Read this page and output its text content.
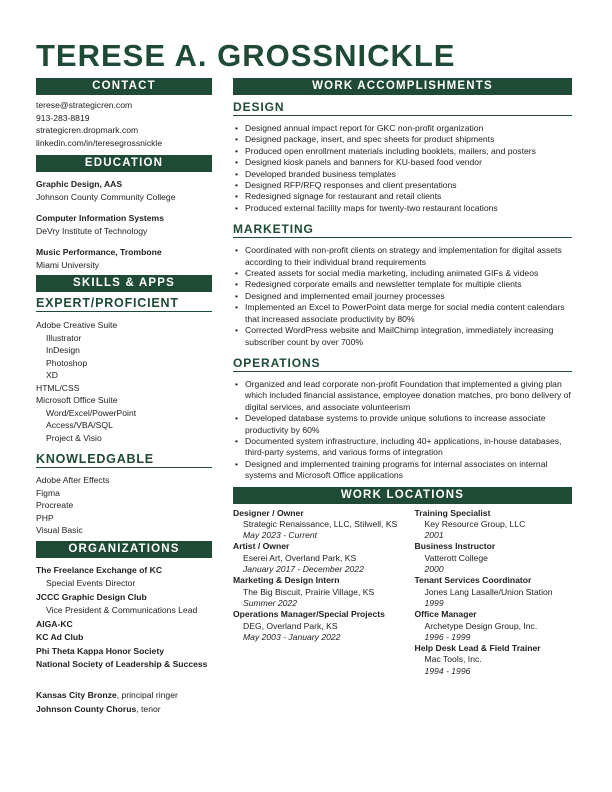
TERESE A. GROSSNICKLE
CONTACT
terese@strategicren.com
913-283-8819
strategicren.dropmark.com
linkedin.com/in/teresegrossnickle
EDUCATION
Graphic Design, AAS
Johnson County Community College
Computer Information Systems
DeVry Institute of Technology
Music Performance, Trombone
Miami University
SKILLS & APPS
EXPERT/PROFICIENT
Adobe Creative Suite
Illustrator
InDesign
Photoshop
XD
HTML/CSS
Microsoft Office Suite
Word/Excel/PowerPoint
Access/VBA/SQL
Project & Visio
KNOWLEDGABLE
Adobe After Effects
Figma
Procreate
PHP
Visual Basic
ORGANIZATIONS
The Freelance Exchange of KC
Special Events Director
JCCC Graphic Design Club
Vice President & Communications Lead
AIGA-KC
KC Ad Club
Phi Theta Kappa Honor Society
National Society of Leadership & Success
Kansas City Bronze, principal ringer
Johnson County Chorus, tenor
WORK ACCOMPLISHMENTS
DESIGN
• Designed annual impact report for GKC non-profit organization
• Designed package, insert, and spec sheets for product shipments
• Produced open enrollment materials including booklets, mailers, and posters
• Designed kiosk panels and banners for KU-based food vendor
• Developed branded business templates
• Designed RFP/RFQ responses and client presentations
• Redesigned signage for restaurant and retail clients
• Produced external facility maps for twenty-two restaurant locations
MARKETING
• Coordinated with non-profit clients on strategy and implementation for digital assets according to their individual brand requirements
• Created assets for social media marketing, including animated GIFs & videos
• Redesigned corporate emails and newsletter template for multiple clients
• Designed and implemented email journey processes
• Implemented an Excel to PowerPoint data merge for social media content calendars that increased associate productivity by 80%
• Corrected WordPress website and MailChimp integration, immediately increasing subscriber count by over 700%
OPERATIONS
• Organized and lead corporate non-profit Foundation that implemented a giving plan which included financial assistance, employee donation matches, pro bono delivery of digital services, and associate volunteerism
• Developed database systems to provide unique solutions to increase associate productivity by 60%
• Documented system infrastructure, including 40+ applications, in-house databases, third-party systems, and various forms of integration
• Designed and implemented training programs for internal associates on internal systems and Microsoft Office applications
WORK LOCATIONS
Designer / Owner
Strategic Renaissance, LLC, Stilwell, KS
May 2023 - Current
Artist / Owner
Eserei Art, Overland Park, KS
January 2017 - December 2022
Marketing & Design Intern
The Big Biscuit, Prairie Village, KS
Summer 2022
Operations Manager/Special Projects
DEG, Overland Park, KS
May 2003 - January 2022
Training Specialist
Key Resource Group, LLC
2001
Business Instructor
Vatterott College
2000
Tenant Services Coordinator
Jones Lang Lasalle/Union Station
1999
Office Manager
Archetype Design Group, Inc.
1996 - 1999
Help Desk Lead & Field Trainer
Mac Tools, Inc.
1994 - 1996
